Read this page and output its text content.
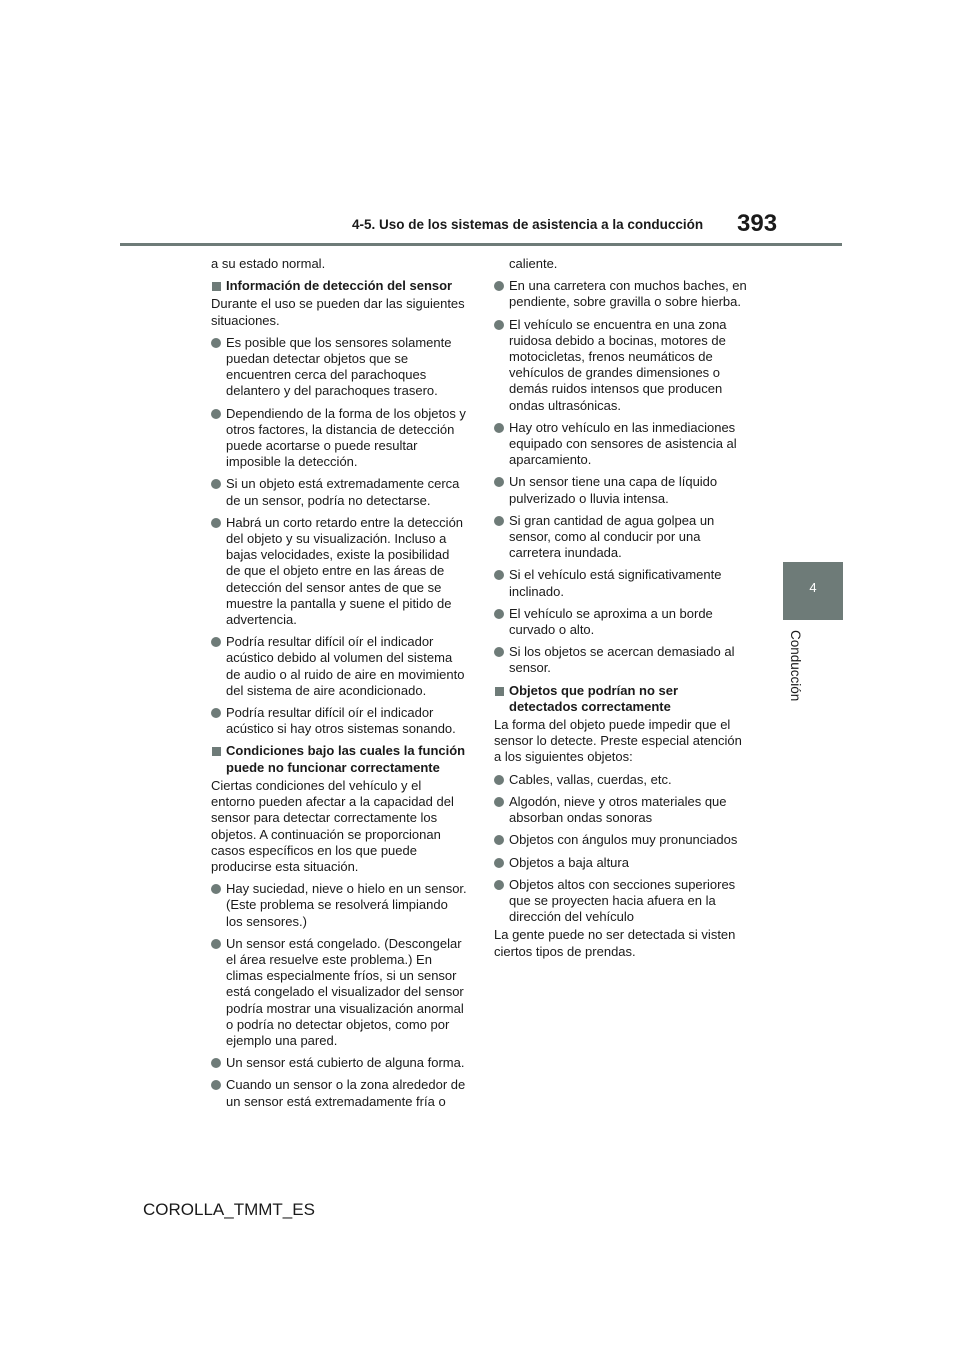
4-5. Uso de los sistemas de asistencia a la conducción 393
4
Conducción

a su estado normal.

Información de detección del sensor

Durante el uso se pueden dar las siguientes situaciones.

Es posible que los sensores solamente puedan detectar objetos que se encuentren cerca del parachoques delantero y del parachoques trasero.
Dependiendo de la forma de los objetos y otros factores, la distancia de detección puede acortarse o puede resultar imposible la detección.
Si un objeto está extremadamente cerca de un sensor, podría no detectarse.
Habrá un corto retardo entre la detección del objeto y su visualización. Incluso a bajas velocidades, existe la posibilidad de que el objeto entre en las áreas de detección del sensor antes de que se muestre la pantalla y suene el pitido de advertencia.
Podría resultar difícil oír el indicador acústico debido al volumen del sistema de audio o al ruido de aire en movimiento del sistema de aire acondicionado.
Podría resultar difícil oír el indicador acústico si hay otros sistemas sonando.
Condiciones bajo las cuales la función puede no funcionar correctamente

Ciertas condiciones del vehículo y el entorno pueden afectar a la capacidad del sensor para detectar correctamente los objetos. A continuación se proporcionan casos específicos en los que puede producirse esta situación.

Hay suciedad, nieve o hielo en un sensor. (Este problema se resolverá limpiando los sensores.)
Un sensor está congelado. (Descongelar el área resuelve este problema.) En climas especialmente fríos, si un sensor está congelado el visualizador del sensor podría mostrar una visualización anormal o podría no detectar objetos, como por ejemplo una pared.
Un sensor está cubierto de alguna forma.
Cuando un sensor o la zona alrededor de un sensor está extremadamente fría o

caliente.

En una carretera con muchos baches, en pendiente, sobre gravilla o sobre hierba.
El vehículo se encuentra en una zona ruidosa debido a bocinas, motores de motocicletas, frenos neumáticos de vehículos de grandes dimensiones o demás ruidos intensos que producen ondas ultrasónicas.
Hay otro vehículo en las inmediaciones equipado con sensores de asistencia al aparcamiento.
Un sensor tiene una capa de líquido pulverizado o lluvia intensa.
Si gran cantidad de agua golpea un sensor, como al conducir por una carretera inundada.
Si el vehículo está significativamente inclinado.
El vehículo se aproxima a un borde curvado o alto.
Si los objetos se acercan demasiado al sensor.
Objetos que podrían no ser detectados correctamente

La forma del objeto puede impedir que el sensor lo detecte. Preste especial atención a los siguientes objetos:

Cables, vallas, cuerdas, etc.
Algodón, nieve y otros materiales que absorban ondas sonoras
Objetos con ángulos muy pronunciados
Objetos a baja altura
Objetos altos con secciones superiores que se proyecten hacia afuera en la dirección del vehículo

La gente puede no ser detectada si visten ciertos tipos de prendas.

COROLLA_TMMT_ES
